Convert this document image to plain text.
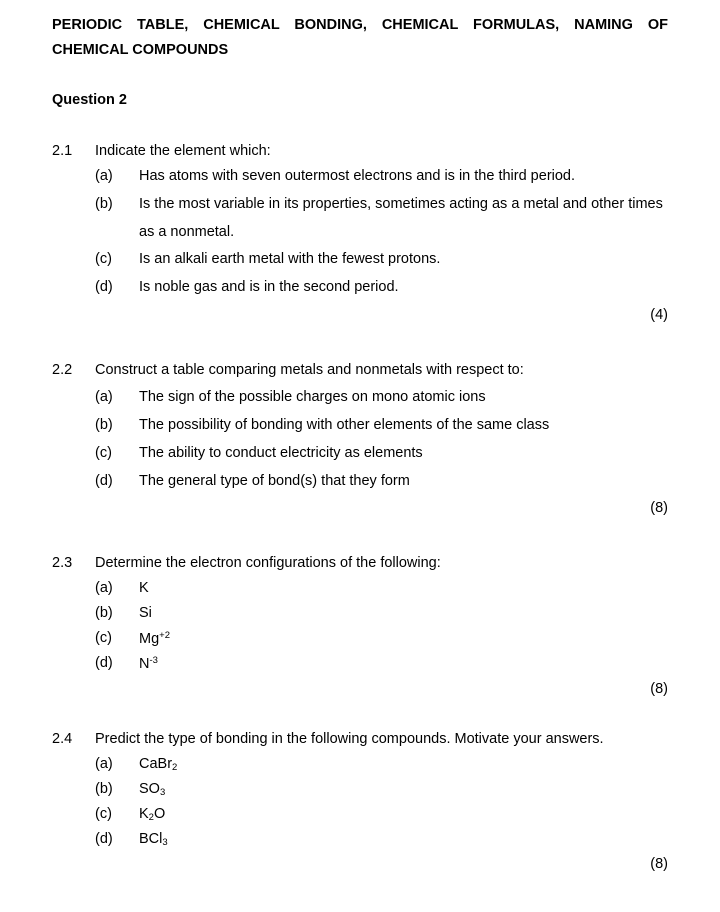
PERIODIC TABLE, CHEMICAL BONDING, CHEMICAL FORMULAS, NAMING OF
CHEMICAL COMPOUNDS
Question 2
2.1 Indicate the element which:
(a) Has atoms with seven outermost electrons and is in the third period.
(b) Is the most variable in its properties, sometimes acting as a metal and other times
as a nonmetal.
(c) Is an alkali earth metal with the fewest protons.
(d) Is noble gas and is in the second period.
(4)
2.2 Construct a table comparing metals and nonmetals with respect to:
(a) The sign of the possible charges on mono atomic ions
(b) The possibility of bonding with other elements of the same class
(c) The ability to conduct electricity as elements
(d) The general type of bond(s) that they form
(8)
2.3 Determine the electron configurations of the following:
(a) K
(b) Si
(c) $Mg^{+2}$
(d) $N^{-3}$
(8)
2.4 Predict the type of bonding in the following compounds. Motivate your answers.
(a) CaBr$_2$
(b) $SO_3$
(c) $K_2O$
(d) BCl$_3$
(8)
